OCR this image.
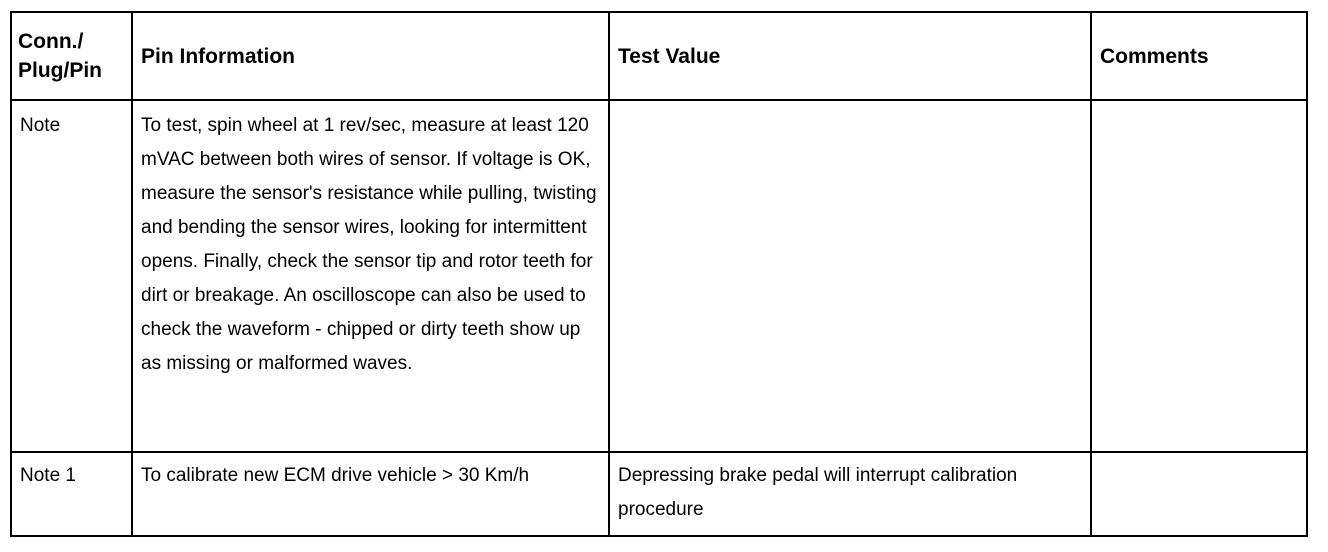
Conn./ Plug/Pin	Pin Information	Test Value	Comments
Note	To test, spin wheel at 1 rev/sec, measure at least 120 mVAC between both wires of sensor. If voltage is OK, measure the sensor's resistance while pulling, twisting and bending the sensor wires, looking for intermittent opens. Finally, check the sensor tip and rotor teeth for dirt or breakage. An oscilloscope can also be used to check the waveform - chipped or dirty teeth show up as missing or malformed waves.		
Note 1	To calibrate new ECM drive vehicle > 30 Km/h	Depressing brake pedal will interrupt calibration procedure	
